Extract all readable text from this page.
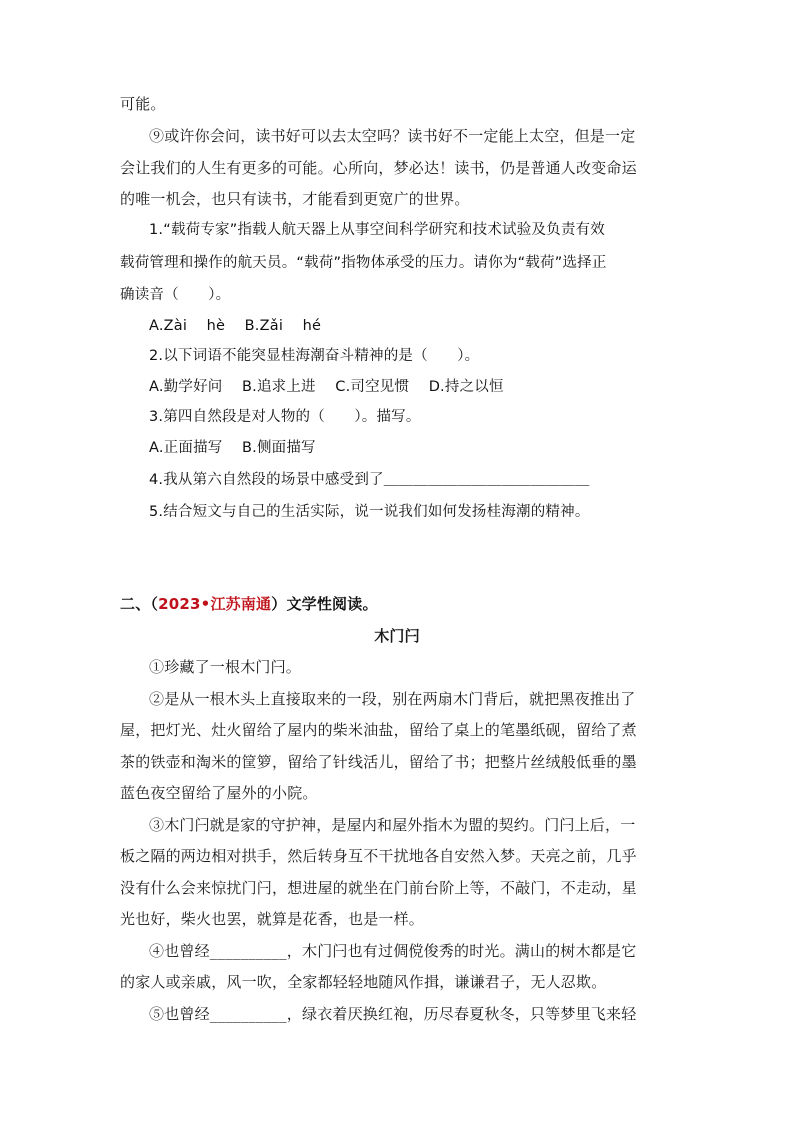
可能。
⑨或许你会问，读书好可以去太空吗？读书好不一定能上太空，但是一定
会让我们的人生有更多的可能。心所向，梦必达！读书，仍是普通人改变命运
的唯一机会，也只有读书，才能看到更宽广的世界。
1.“载荷专家”指载人航天器上从事空间科学研究和技术试验及负责有效
载荷管理和操作的航天员。“载荷”指物体承受的压力。请你为“载荷”选择正
确读音（　　）。
A.Zài　 hè　 B.Zǎi　 hé
2.以下词语不能突显桂海潮奋斗精神的是（　　）。
A.勤学好问　 B.追求上进　 C.司空见惯　 D.持之以恒
3.第四自然段是对人物的（　　）。描写。
A.正面描写　 B.侧面描写
4.我从第六自然段的场景中感受到了＿＿＿＿＿＿＿＿＿＿＿＿＿＿
5.结合短文与自己的生活实际，说一说我们如何发扬桂海潮的精神。
二、（2023•江苏南通）文学性阅读。
木门闩
①珍藏了一根木门闩。
②是从一根木头上直接取来的一段，别在两扇木门背后，就把黑夜推出了
屋，把灯光、灶火留给了屋内的柴米油盐，留给了桌上的笔墨纸砚，留给了煮
茶的铁壶和淘米的筐箩，留给了针线活儿，留给了书；把整片丝绒般低垂的墨
蓝色夜空留给了屋外的小院。
③木门闩就是家的守护神，是屋内和屋外指木为盟的契约。门闩上后，一
板之隔的两边相对拱手，然后转身互不干扰地各自安然入梦。天亮之前，几乎
没有什么会来惊扰门闩，想进屋的就坐在门前台阶上等，不敲门，不走动，星
光也好，柴火也罢，就算是花香，也是一样。
④也曾经__________，木门闩也有过倜傥俊秀的时光。满山的树木都是它
的家人或亲戚，风一吹，全家都轻轻地随风作揖，谦谦君子，无人忍欺。
⑤也曾经__________，绿衣着厌换红袍，历尽春夏秋冬，只等梦里飞来轻
